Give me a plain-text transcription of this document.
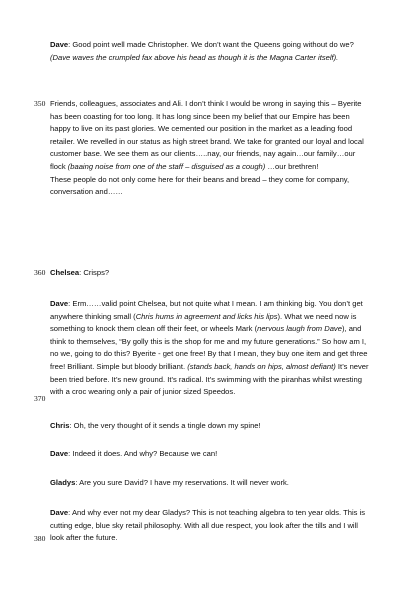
350
360
370
380

Dave: Good point well made Christopher. We don’t want the Queens going without do we?

(Dave waves the crumpled fax above his head as though it is the Magna Carter itself).

Friends, colleagues, associates and Ali. I don’t think I would be wrong in saying this – Byerite has been coasting for too long. It has long since been my belief that our Empire has been happy to live on its past glories. We cemented our position in the market as a leading food retailer. We revelled in our status as high street brand. We take for granted our loyal and local customer base. We see them as our clients…..nay, our friends, nay again…our family…our flock (baaing noise from one of the staff – disguised as a cough) …our brethren!

These people do not only come here for their beans and bread – they come for company, conversation and……

Chelsea: Crisps?

Dave: Erm……valid point Chelsea, but not quite what I mean. I am thinking big. You don’t get anywhere thinking small (Chris hums in agreement and licks his lips). What we need now is something to knock them clean off their feet, or wheels Mark (nervous laugh from Dave), and think to themselves, “By golly this is the shop for me and my future generations.” So how am I, no we, going to do this? Byerite - get one free! By that I mean, they buy one item and get three free! Brilliant. Simple but bloody brilliant. (stands back, hands on hips, almost defiant) It’s never been tried before. It’s new ground. It’s radical. It’s swimming with the piranhas whilst wresting with a croc wearing only a pair of junior sized Speedos.

Chris: Oh, the very thought of it sends a tingle down my spine!

Dave: Indeed it does. And why? Because we can!

Gladys: Are you sure David? I have my reservations. It will never work.

Dave: And why ever not my dear Gladys? This is not teaching algebra to ten year olds. This is cutting edge, blue sky retail philosophy. With all due respect, you look after the tills and I will look after the future.
